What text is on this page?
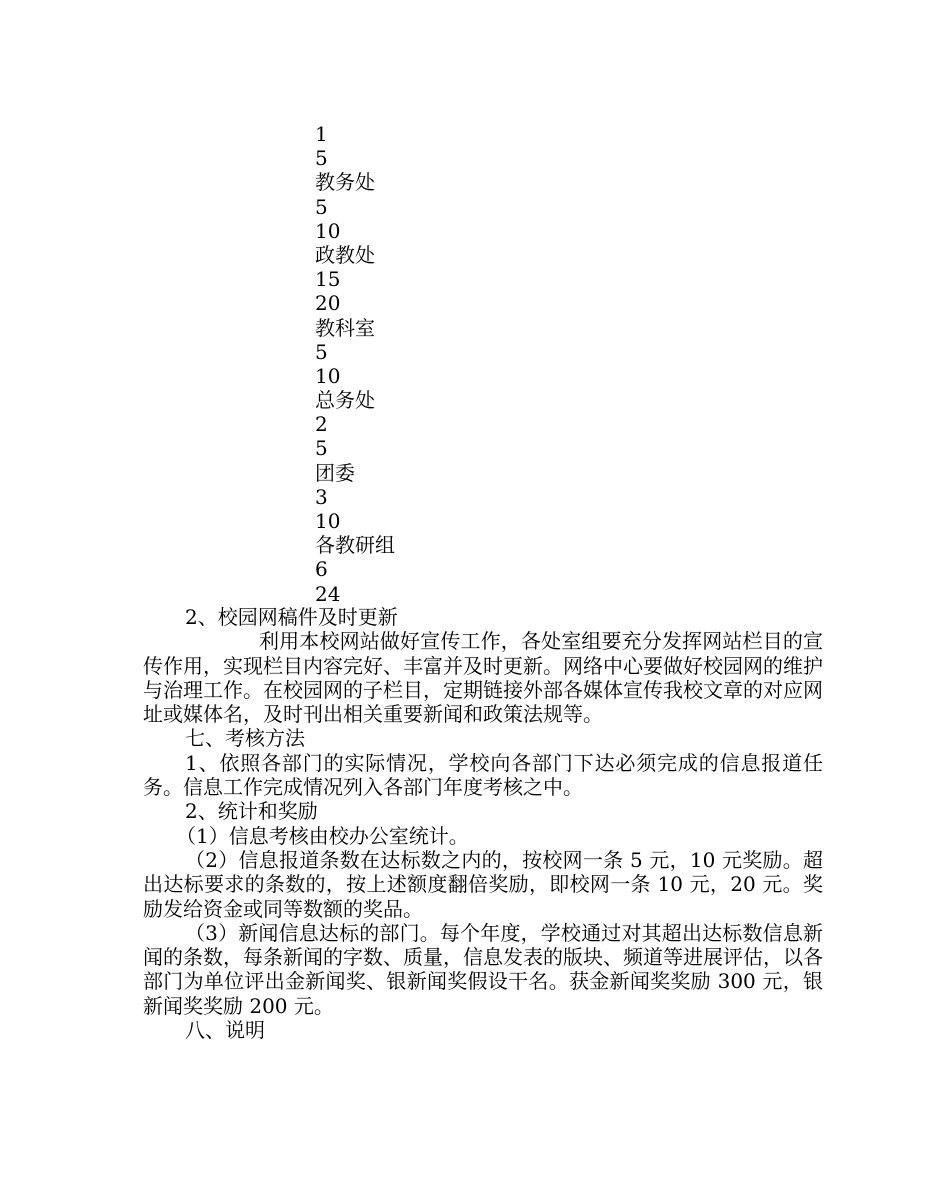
1
5
教务处
5
10
政教处
15
20
教科室
5
10
总务处
2
5
团委
3
10
各教研组
6
24
2、校园网稿件及时更新
利用本校网站做好宣传工作，各处室组要充分发挥网站栏目的宣传作用，实现栏目内容完好、丰富并及时更新。网络中心要做好校园网的维护与治理工作。在校园网的子栏目，定期链接外部各媒体宣传我校文章的对应网址或媒体名，及时刊出相关重要新闻和政策法规等。
七、考核方法
1、依照各部门的实际情况，学校向各部门下达必须完成的信息报道任务。信息工作完成情况列入各部门年度考核之中。
2、统计和奖励
（1）信息考核由校办公室统计。
（2）信息报道条数在达标数之内的，按校网一条 5 元，10 元奖励。超出达标要求的条数的，按上述额度翻倍奖励，即校网一条 10 元，20 元。奖励发给资金或同等数额的奖品。
（3）新闻信息达标的部门。每个年度，学校通过对其超出达标数信息新闻的条数，每条新闻的字数、质量，信息发表的版块、频道等进展评估，以各部门为单位评出金新闻奖、银新闻奖假设干名。获金新闻奖奖励 300 元，银新闻奖奖励 200 元。
八、说明
